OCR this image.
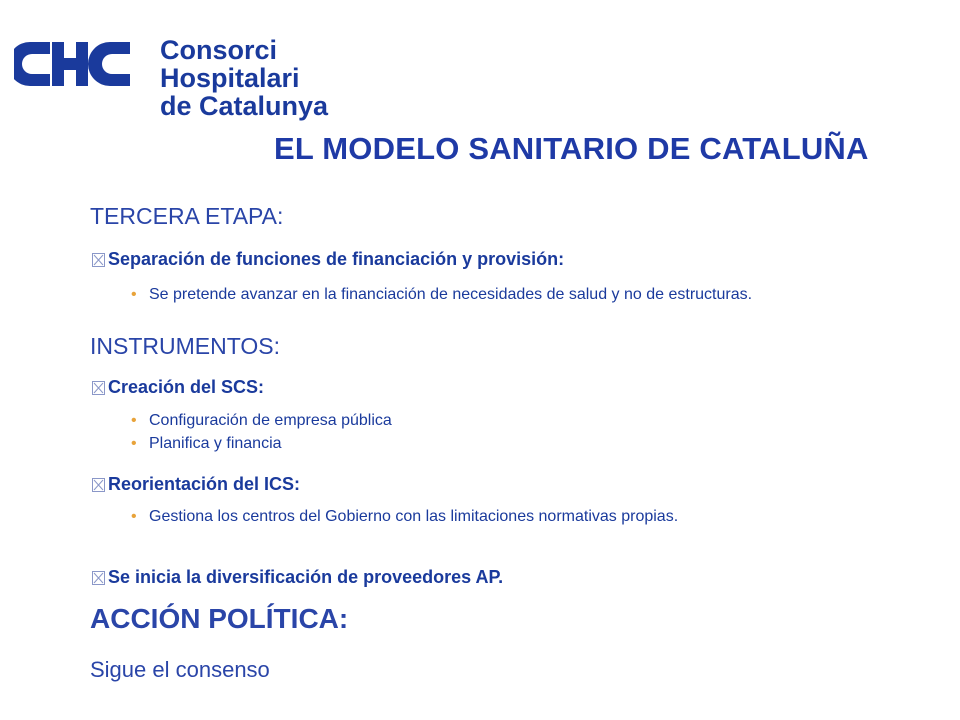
Consorci Hospitalari
de Catalunya
EL MODELO SANITARIO DE CATALUÑA
TERCERA ETAPA:
Separación de funciones de financiación y provisión:
• Se pretende avanzar en la financiación de necesidades de salud y no de estructuras.
INSTRUMENTOS:
Creación del SCS:
• Configuración de empresa pública
• Planifica y financia
Reorientación del ICS:
• Gestiona los centros del Gobierno con las limitaciones normativas propias.
Se inicia la diversificación de proveedores AP.
ACCIÓN POLÍTICA:
Sigue el consenso
